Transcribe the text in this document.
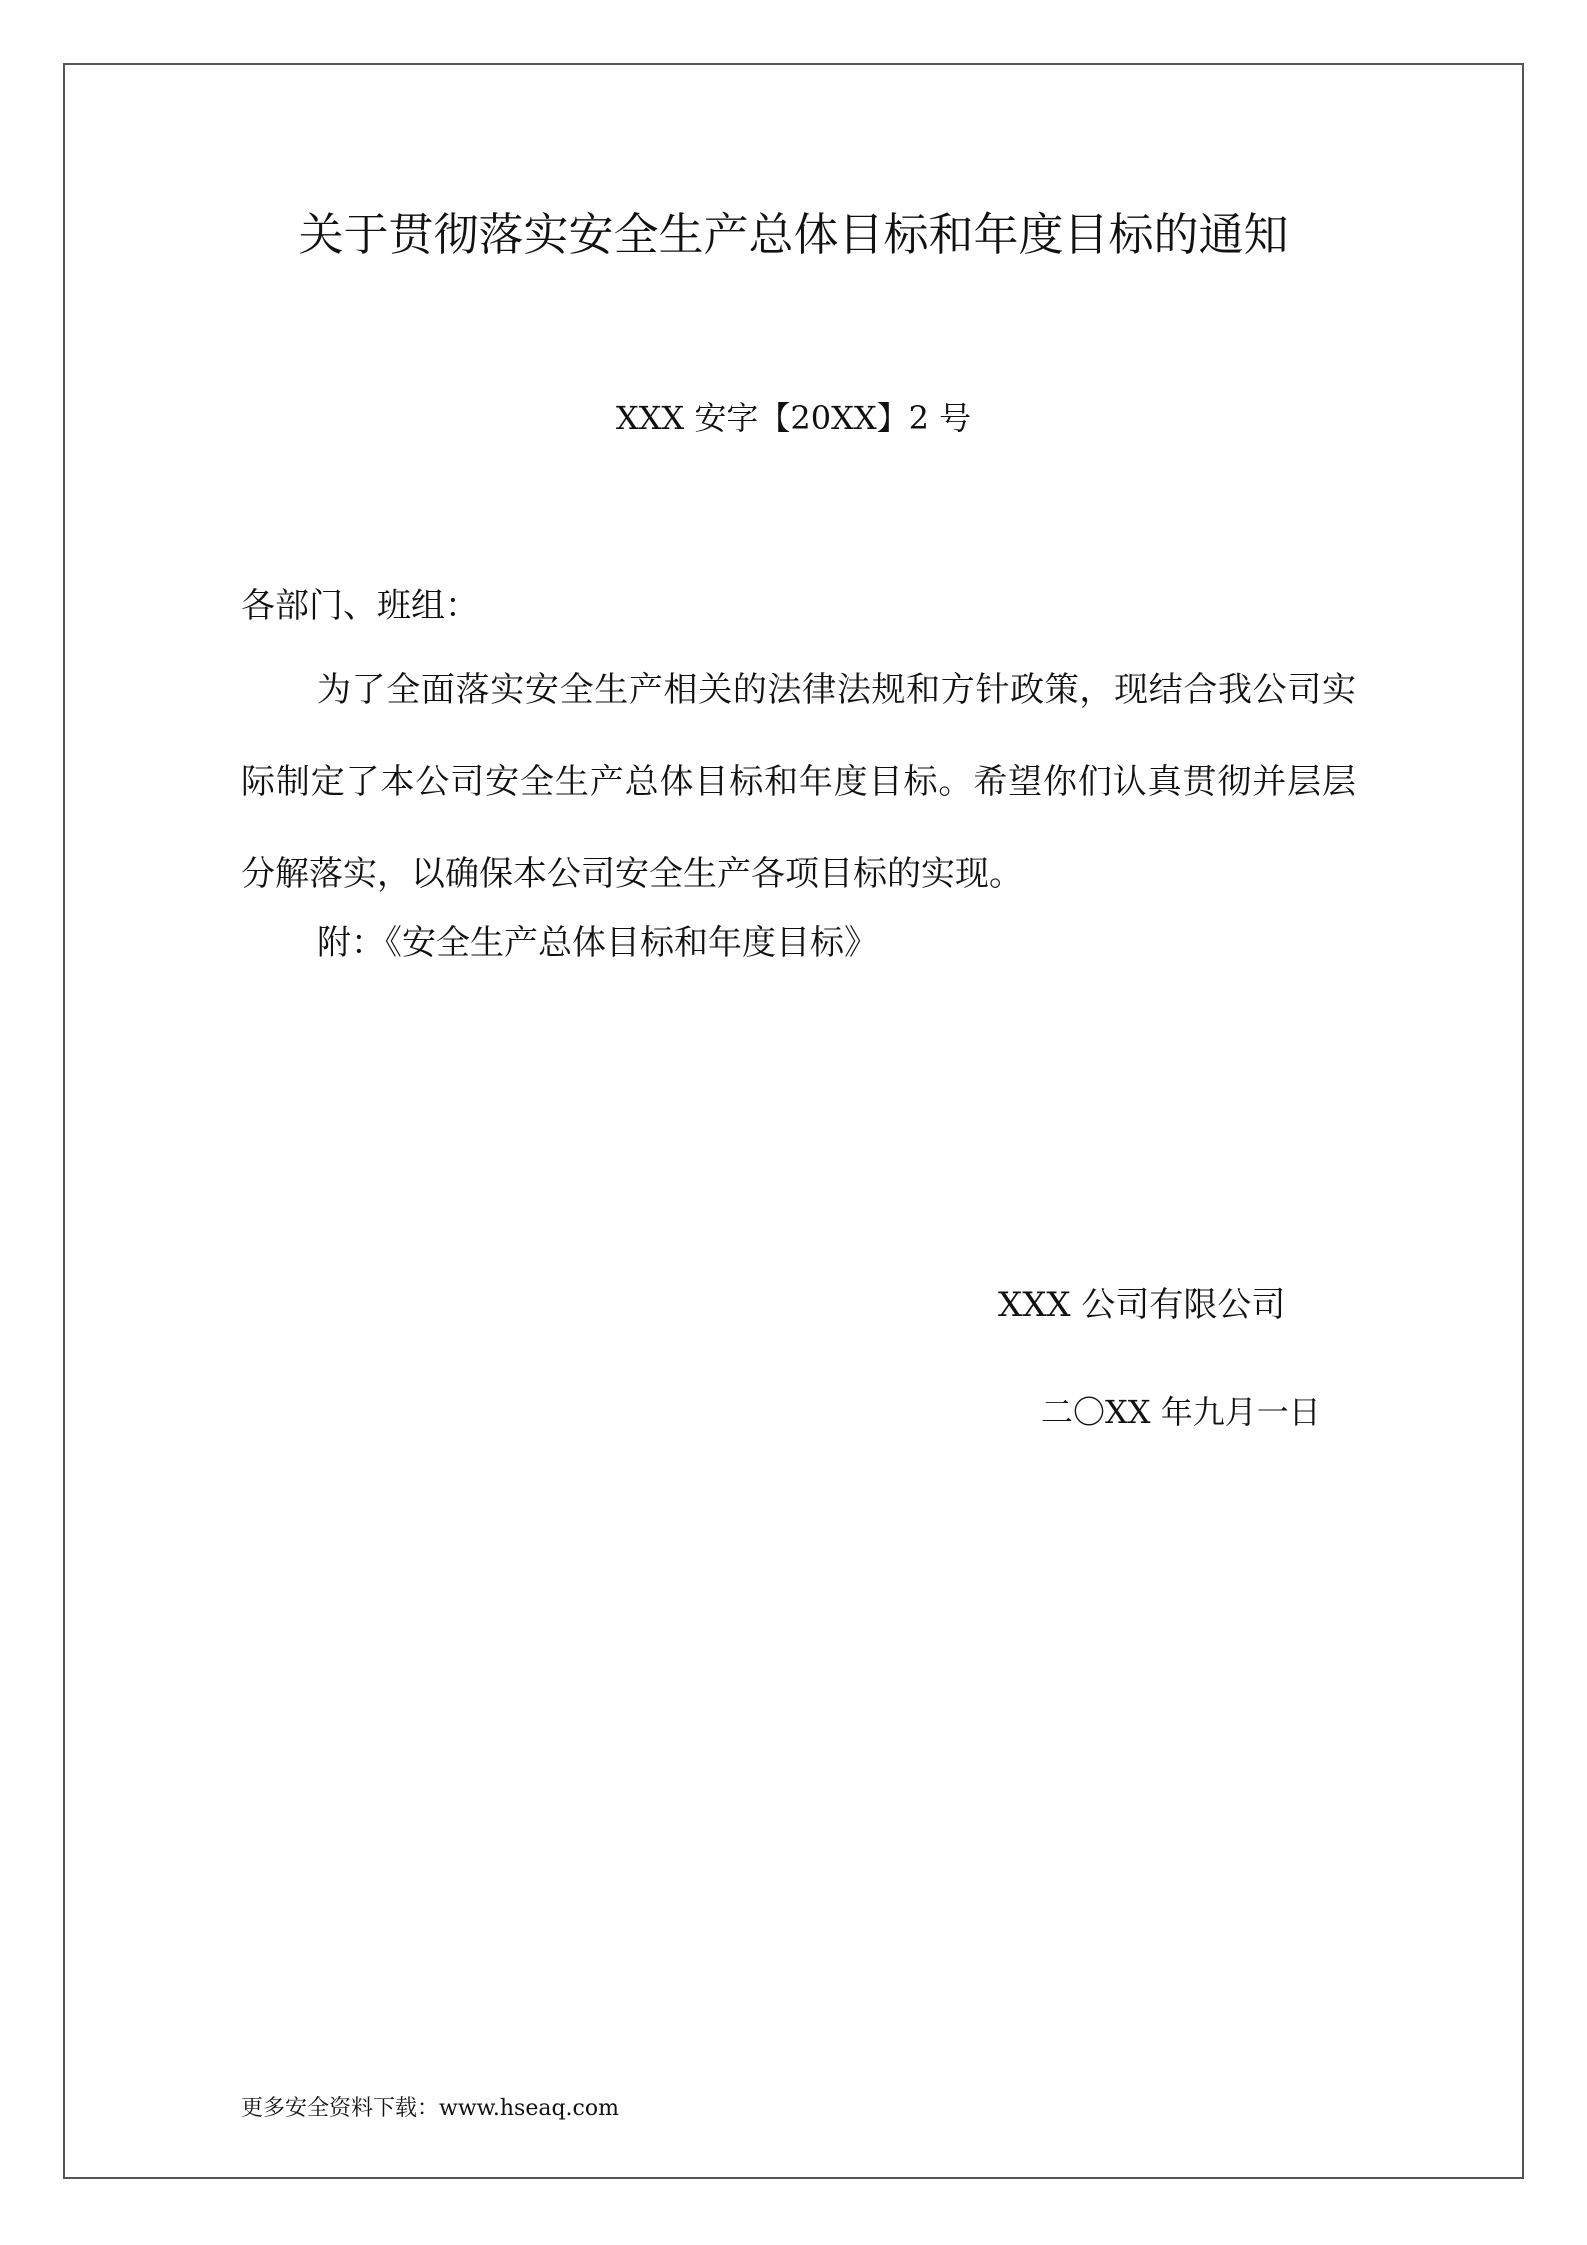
关于贯彻落实安全生产总体目标和年度目标的通知
XXX 安字【20XX】2 号
各部门、班组：
为了全面落实安全生产相关的法律法规和方针政策，现结合我公司实际制定了本公司安全生产总体目标和年度目标。希望你们认真贯彻并层层分解落实，以确保本公司安全生产各项目标的实现。
附：《安全生产总体目标和年度目标》
XXX 公司有限公司
二〇XX 年九月一日
更多安全资料下载：www.hseaq.com
